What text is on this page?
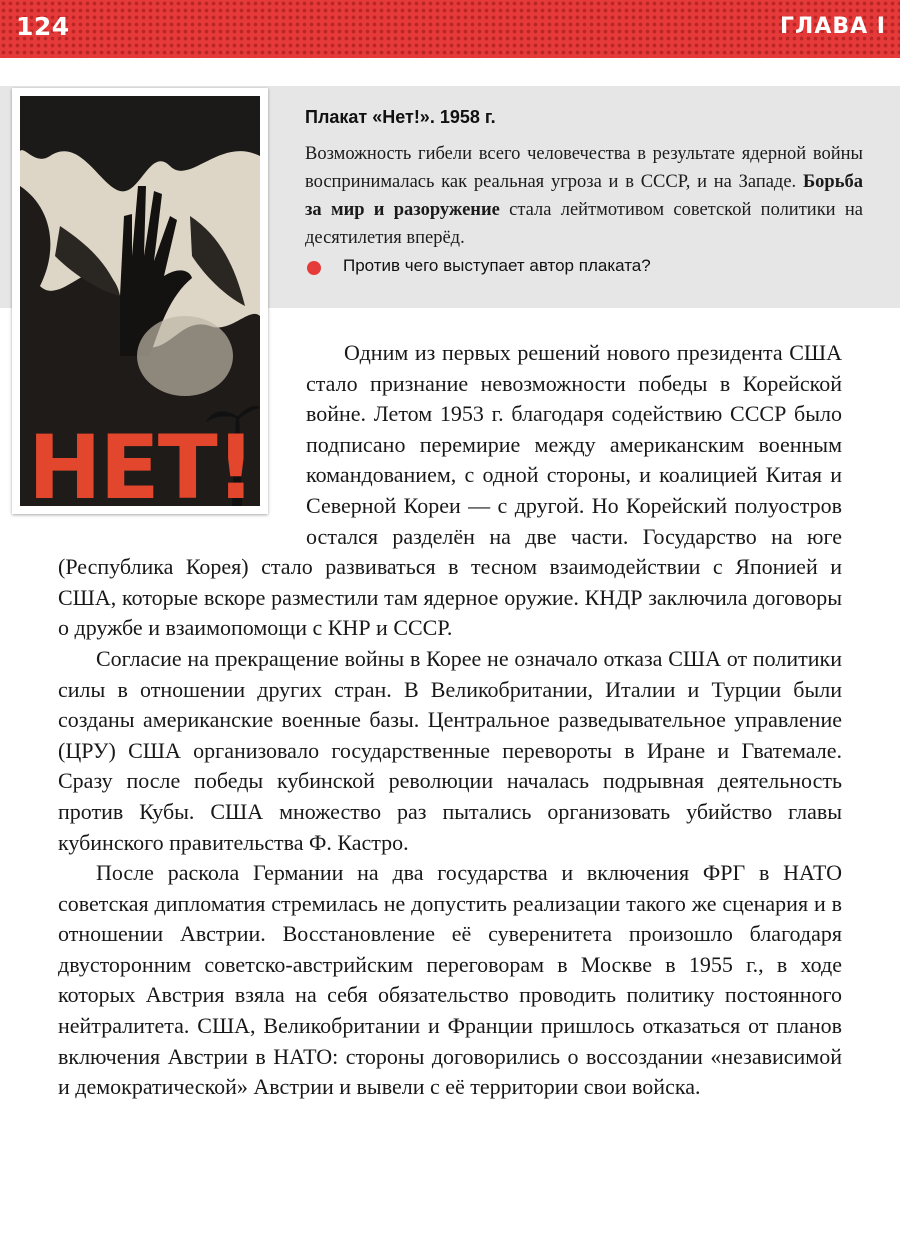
124	ГЛАВА I
НЕТ!
Плакат «Нет!». 1958 г.
Возможность гибели всего человечества в результате ядерной войны воспринималась как реальная угроза и в СССР, и на Западе. Борьба за мир и разоружение стала лейтмотивом советской политики на десятилетия вперёд.
Против чего выступает автор плаката?

Одним из первых решений нового президента США стало признание невозможности победы в Корейской войне. Летом 1953 г. благодаря содействию СССР было подписано перемирие между американским военным командованием, с одной стороны, и коалицией Китая и Северной Кореи — с другой. Но Корейский полуостров остался разделён на две части. Государство на юге (Республика Корея) стало развиваться в тесном взаимодействии с Японией и США, которые вскоре разместили там ядерное оружие. КНДР заключила договоры о дружбе и взаимопомощи с КНР и СССР.

Согласие на прекращение войны в Корее не означало отказа США от политики силы в отношении других стран. В Великобритании, Италии и Турции были созданы американские военные базы. Центральное разведывательное управление (ЦРУ) США организовало государственные перевороты в Иране и Гватемале. Сразу после победы кубинской революции началась подрывная деятельность против Кубы. США множество раз пытались организовать убийство главы кубинского правительства Ф. Кастро.

После раскола Германии на два государства и включения ФРГ в НАТО советская дипломатия стремилась не допустить реализации такого же сценария и в отношении Австрии. Восстановление её суверенитета произошло благодаря двусторонним советско-австрийским переговорам в Москве в 1955 г., в ходе которых Австрия взяла на себя обязательство проводить политику постоянного нейтралитета. США, Великобритании и Франции пришлось отказаться от планов включения Австрии в НАТО: стороны договорились о воссоздании «независимой и демократической» Австрии и вывели с её территории свои войска.
